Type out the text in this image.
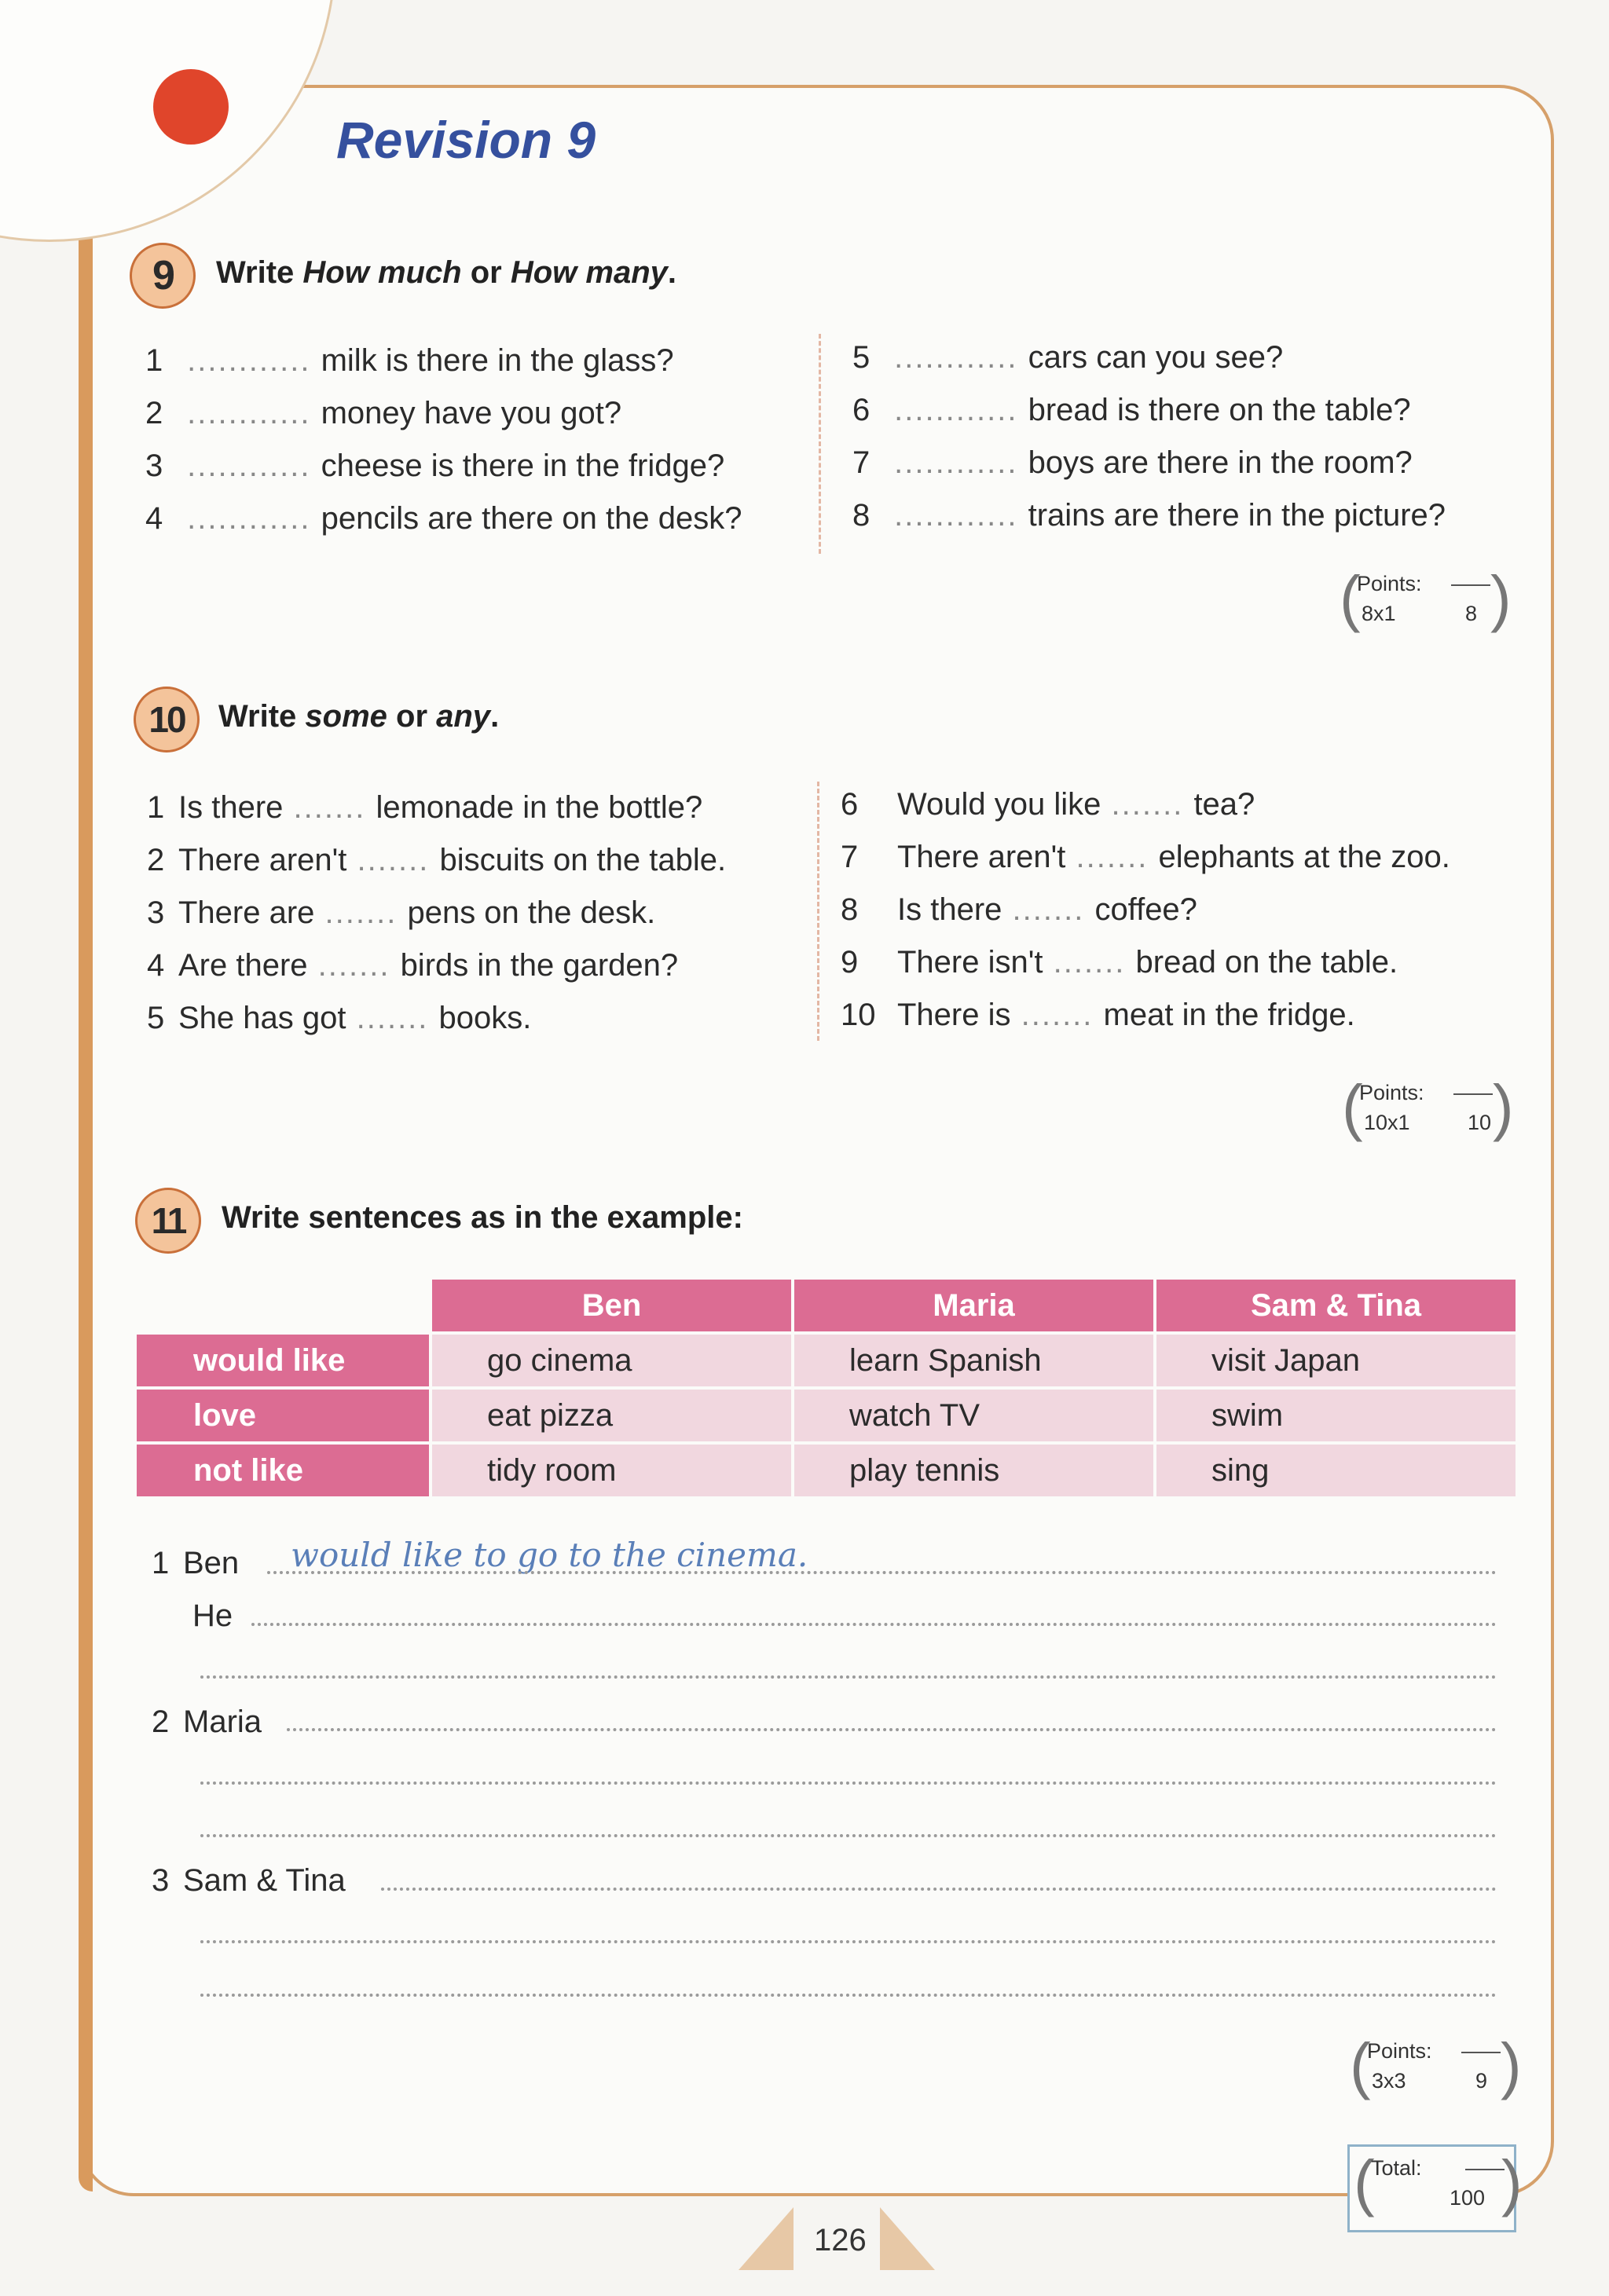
Revision 9
9	Write How much or How many.
1 ............ milk is there in the glass?
2 ............ money have you got?
3 ............ cheese is there in the fridge?
4 ............ pencils are there on the desk?
5 ............ cars can you see?
6 ............ bread is there on the table?
7 ............ boys are there in the room?
8 ............ trains are there in the picture?
( )
Points:
8x1	8
10	Write some or any.
1 Is there ....... lemonade in the bottle?
2 There aren't ....... biscuits on the table.
3 There are ....... pens on the desk.
4 Are there ....... birds in the garden?
5 She has got ....... books.
6 Would you like ....... tea?
7 There aren't ....... elephants at the zoo.
8 Is there ....... coffee?
9 There isn't ....... bread on the table.
10 There is ....... meat in the fridge.
( )
Points:
10x1	10
11	Write sentences as in the example:
	Ben	Maria	Sam & Tina
would like	go cinema	learn Spanish	visit Japan
love	eat pizza	watch TV	swim
not like	tidy room	play tennis	sing
1 Ben would like to go to the cinema.
He
2 Maria
3 Sam & Tina
( )
Points:
3x3	9
( )
Total:
100
126
